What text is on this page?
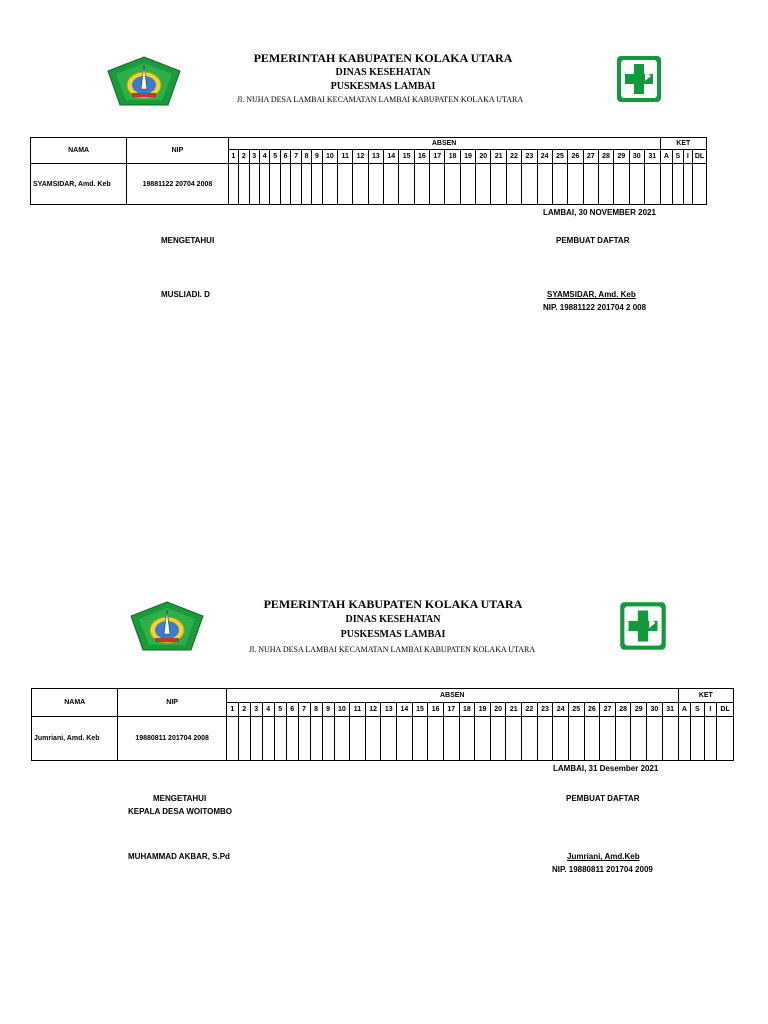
PEMERINTAH KABUPATEN KOLAKA UTARA
DINAS KESEHATAN
PUSKESMAS LAMBAI
Jl. NUHA DESA LAMBAI KECAMATAN LAMBAI KABUPATEN KOLAKA UTARA
NAMA	NIP	ABSEN																															KET			
		1	2	3	4	5	6	7	8	9	10	11	12	13	14	15	16	17	18	19	20	21	22	23	24	25	26	27	28	29	30	31	A	S	I	DL
SYAMSIDAR, Amd. Keb	19881122 20704 2008																																			
LAMBAI, 30 NOVEMBER 2021
MENGETAHUI	PEMBUAT DAFTAR
MUSLIADI. D	SYAMSIDAR, Amd. Keb
NIP. 19881122 201704 2 008
PEMERINTAH KABUPATEN KOLAKA UTARA
DINAS KESEHATAN
PUSKESMAS LAMBAI
Jl. NUHA DESA LAMBAI KECAMATAN LAMBAI KABUPATEN KOLAKA UTARA
NAMA	NIP	ABSEN																															KET			
		1	2	3	4	5	6	7	8	9	10	11	12	13	14	15	16	17	18	19	20	21	22	23	24	25	26	27	28	29	30	31	A	S	I	DL
Jumriani, Amd. Keb	19880811 201704 2008																																			
LAMBAI, 31 Desember 2021
MENGETAHUI
KEPALA DESA WOITOMBO
PEMBUAT DAFTAR
MUHAMMAD AKBAR, S.Pd	Jumriani, Amd.Keb
NIP. 19880811 201704 2009
